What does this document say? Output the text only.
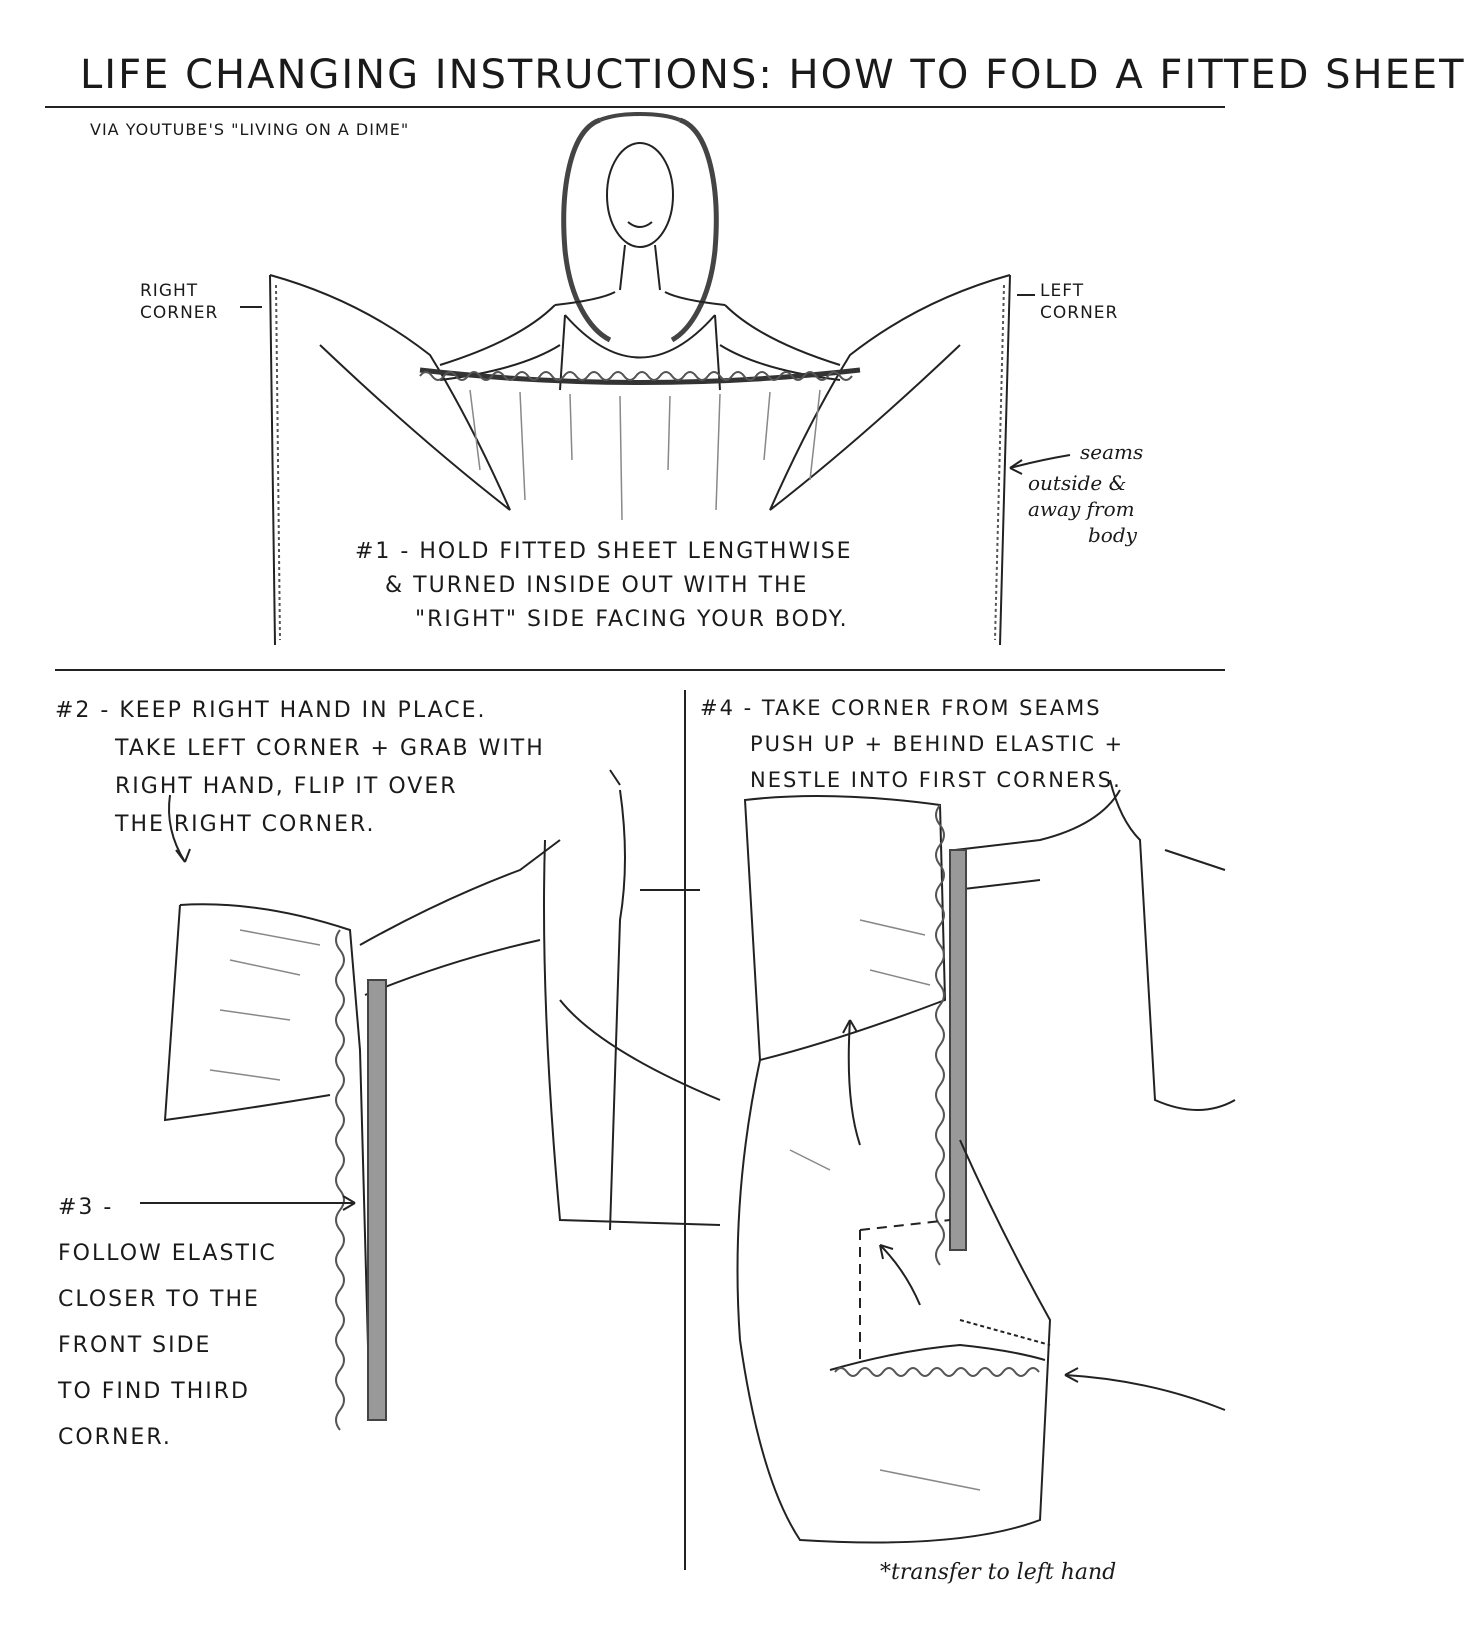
LIFE CHANGING INSTRUCTIONS: HOW TO FOLD A FITTED SHEET
VIA YOUTUBE'S "LIVING ON A DIME"
RIGHT
CORNER
LEFT
CORNER
seams
outside &
away from
body
#1 - HOLD FITTED SHEET LENGTHWISE
& TURNED INSIDE OUT WITH THE
"RIGHT" SIDE FACING YOUR BODY.
#2 - KEEP RIGHT HAND IN PLACE.
TAKE LEFT CORNER + GRAB WITH
RIGHT HAND, FLIP IT OVER
THE RIGHT CORNER.
#3 -
FOLLOW ELASTIC
CLOSER TO THE
FRONT SIDE
TO FIND THIRD
CORNER.
#4 - TAKE CORNER FROM SEAMS
PUSH UP + BEHIND ELASTIC +
NESTLE INTO FIRST CORNERS.
*transfer to left hand
